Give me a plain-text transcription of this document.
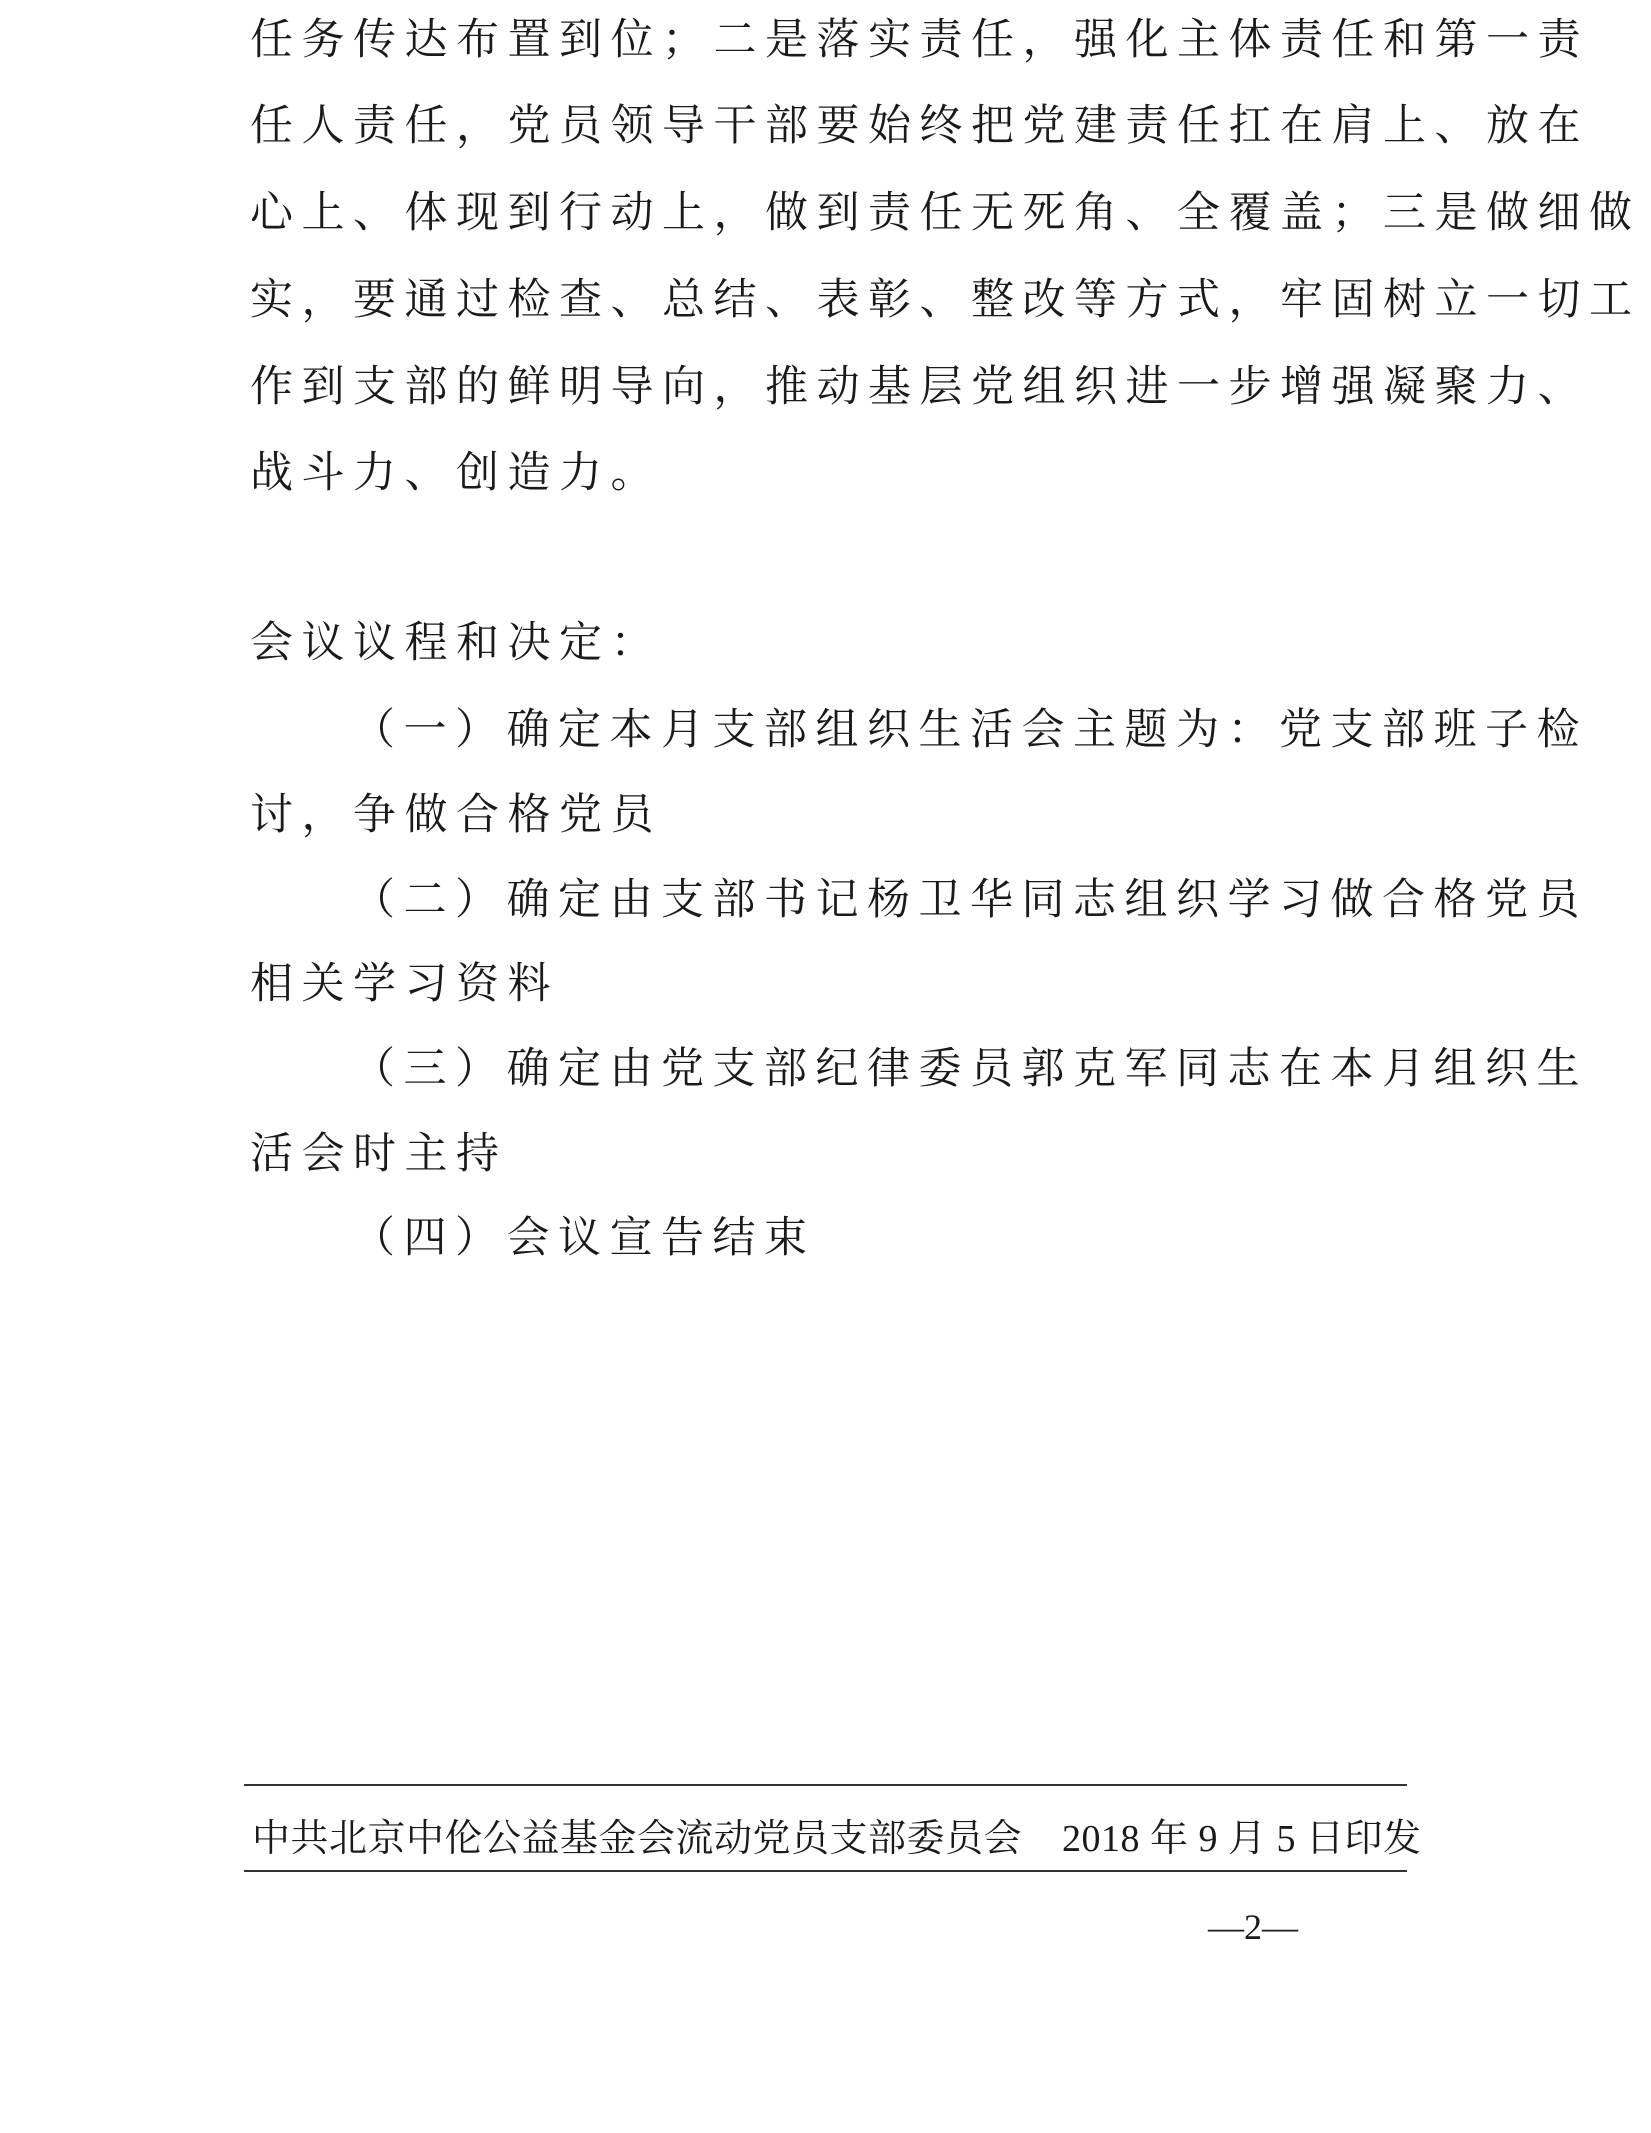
任务传达布置到位；二是落实责任，强化主体责任和第一责
任人责任，党员领导干部要始终把党建责任扛在肩上、放在
心上、体现到行动上，做到责任无死角、全覆盖；三是做细做
实，要通过检查、总结、表彰、整改等方式，牢固树立一切工
作到支部的鲜明导向，推动基层党组织进一步增强凝聚力、
战斗力、创造力。
会议议程和决定：
（一）确定本月支部组织生活会主题为：党支部班子检
讨，争做合格党员
（二）确定由支部书记杨卫华同志组织学习做合格党员
相关学习资料
（三）确定由党支部纪律委员郭克军同志在本月组织生
活会时主持
（四）会议宣告结束
中共北京中伦公益基金会流动党员支部委员会 2018 年 9 月 5 日印发
—2—
